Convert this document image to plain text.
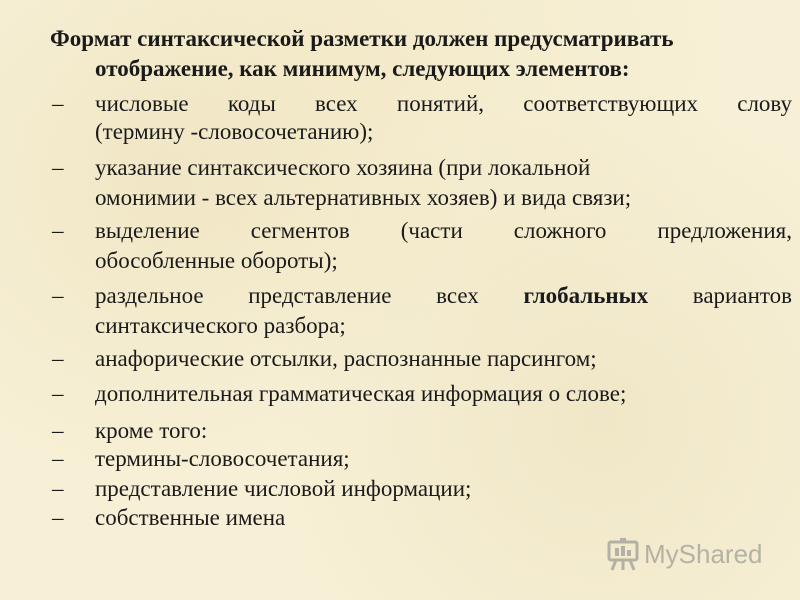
Формат синтаксической разметки должен предусматривать
отображение, как минимум, следующих элементов:
– числовые коды всех понятий, соответствующих слову
(термину -словосочетанию);
– указание синтаксического хозяина (при локальной
омонимии - всех альтернативных хозяев) и вида связи;
– выделение сегментов (части сложного предложения,
обособленные обороты);
– раздельное представление всех глобальных вариантов
синтаксического разбора;
– анафорические отсылки, распознанные парсингом;
– дополнительная грамматическая информация о слове;
– кроме того:
– термины-словосочетания;
– представление числовой информации;
– собственные имена
MyShared
